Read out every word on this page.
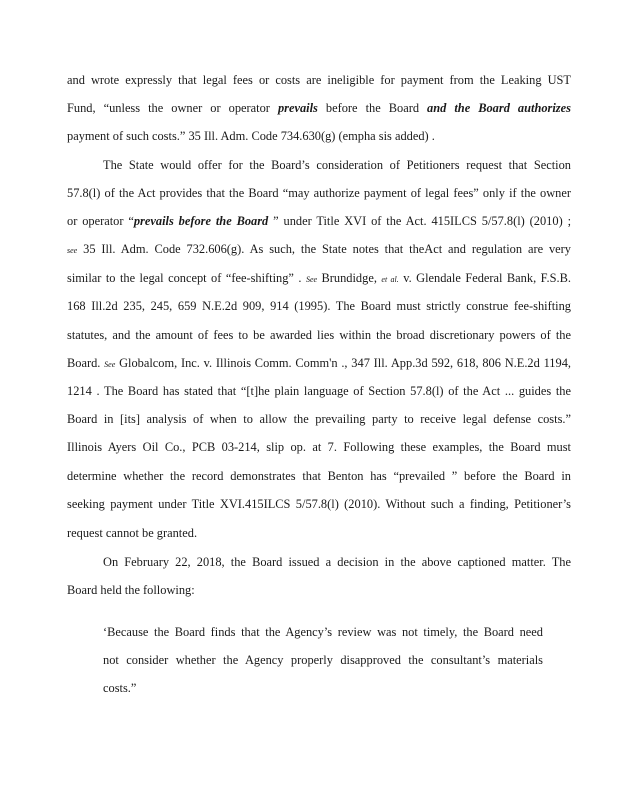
and wrote expressly that legal fees or costs are ineligible for payment from the Leaking UST
Fund, “unless the owner or operator prevails before the Board and the Board authorizes
payment of such costs.” 35 Ill. Adm. Code 734.630(g) (empha sis added) .
The State would offer for the Board’s consideration of Petitioners request that Section
57.8(l) of the Act provides that the Board “may authorize payment of legal fees” only if the owner
or operator “prevails before the Board ” under Title XVI of the Act. 415ILCS 5/57.8(l) (2010) ;
see 35 Ill. Adm. Code 732.606(g). As such, the State notes that theAct and regulation are very
similar to the legal concept of “fee-shifting” . See Brundidge, et al. v. Glendale Federal Bank, F.S.B.
168 Ill.2d 235, 245, 659 N.E.2d 909, 914 (1995). The Board must strictly construe fee-shifting
statutes, and the amount of fees to be awarded lies within the broad discretionary powers of the
Board. See Globalcom, Inc. v. Illinois Comm. Comm'n ., 347 Ill. App.3d 592, 618, 806 N.E.2d 1194,
1214 . The Board has stated that “[t]he plain language of Section 57.8(l) of the Act ... guides the
Board in [its] analysis of when to allow the prevailing party to receive legal defense costs.”
Illinois Ayers Oil Co., PCB 03-214, slip op. at 7. Following these examples, the Board must
determine whether the record demonstrates that Benton has “prevailed ” before the Board in
seeking payment under Title XVI.415ILCS 5/57.8(l) (2010). Without such a finding, Petitioner’s
request cannot be granted.
On February 22, 2018, the Board issued a decision in the above captioned matter. The
Board held the following:
‘Because the Board finds that the Agency’s review was not timely, the Board need
not consider whether the Agency properly disapproved the consultant’s materials
costs.”
